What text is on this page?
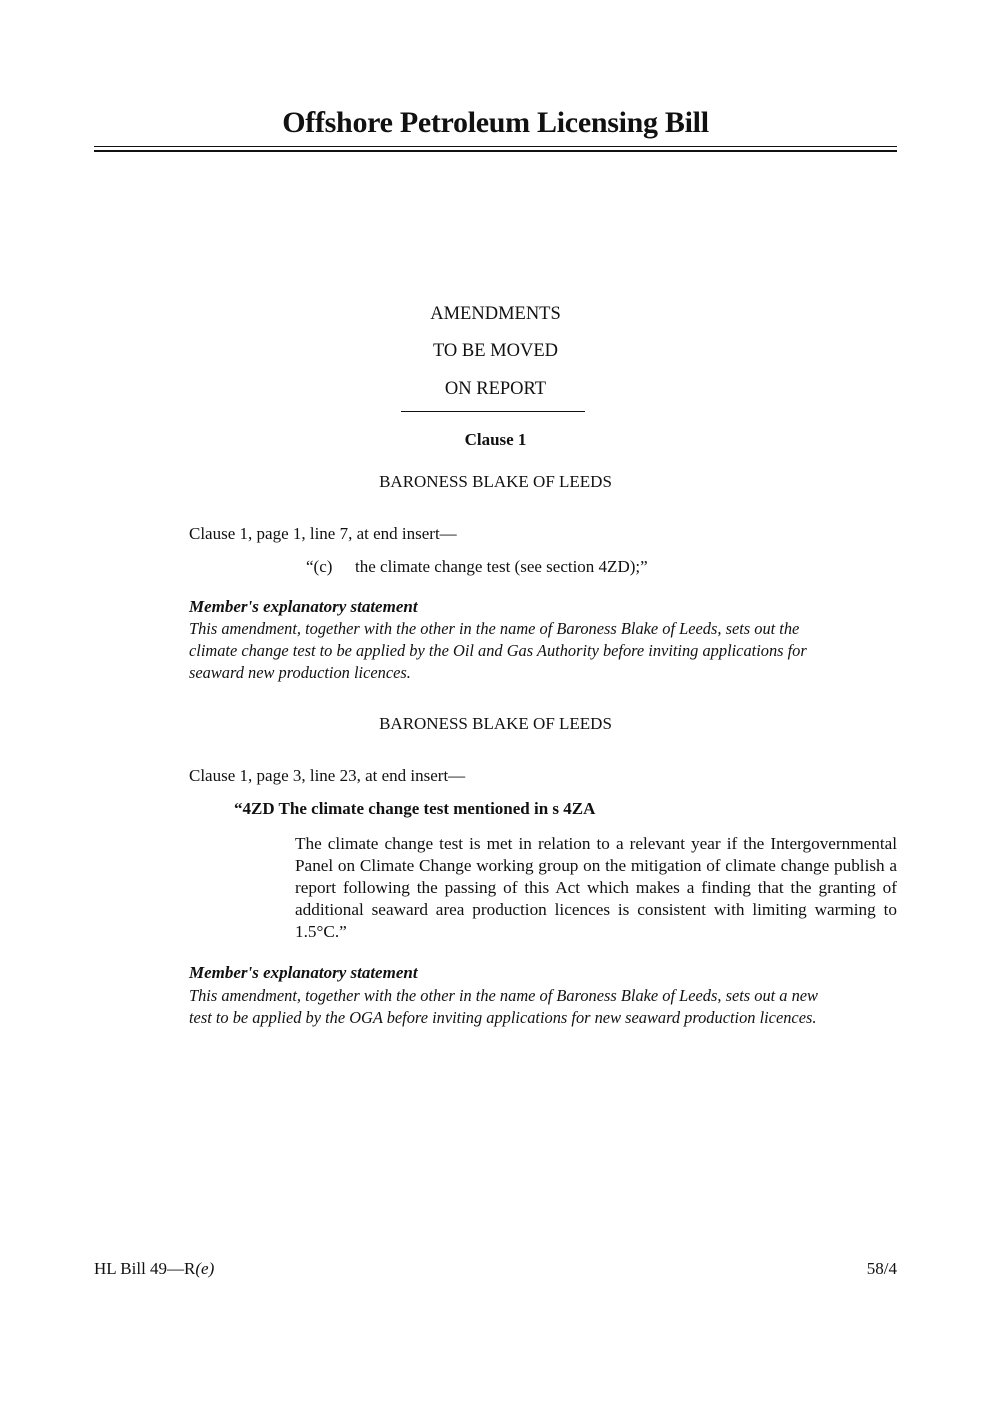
Offshore Petroleum Licensing Bill
AMENDMENTS
TO BE MOVED
ON REPORT
Clause 1
BARONESS BLAKE OF LEEDS
Clause 1, page 1, line 7, at end insert—
“(c) the climate change test (see section 4ZD);”
Member's explanatory statement
This amendment, together with the other in the name of Baroness Blake of Leeds, sets out the
climate change test to be applied by the Oil and Gas Authority before inviting applications for
seaward new production licences.
BARONESS BLAKE OF LEEDS
Clause 1, page 3, line 23, at end insert—
“4ZD The climate change test mentioned in s 4ZA
The climate change test is met in relation to a relevant year if the Intergovernmental Panel on Climate Change working group on the mitigation of climate change publish a report following the passing of this Act which makes a finding that the granting of additional seaward area production licences is consistent with limiting warming to 1.5°C.”
Member's explanatory statement
This amendment, together with the other in the name of Baroness Blake of Leeds, sets out a new
test to be applied by the OGA before inviting applications for new seaward production licences.
HL Bill 49—R(e)	58/4
